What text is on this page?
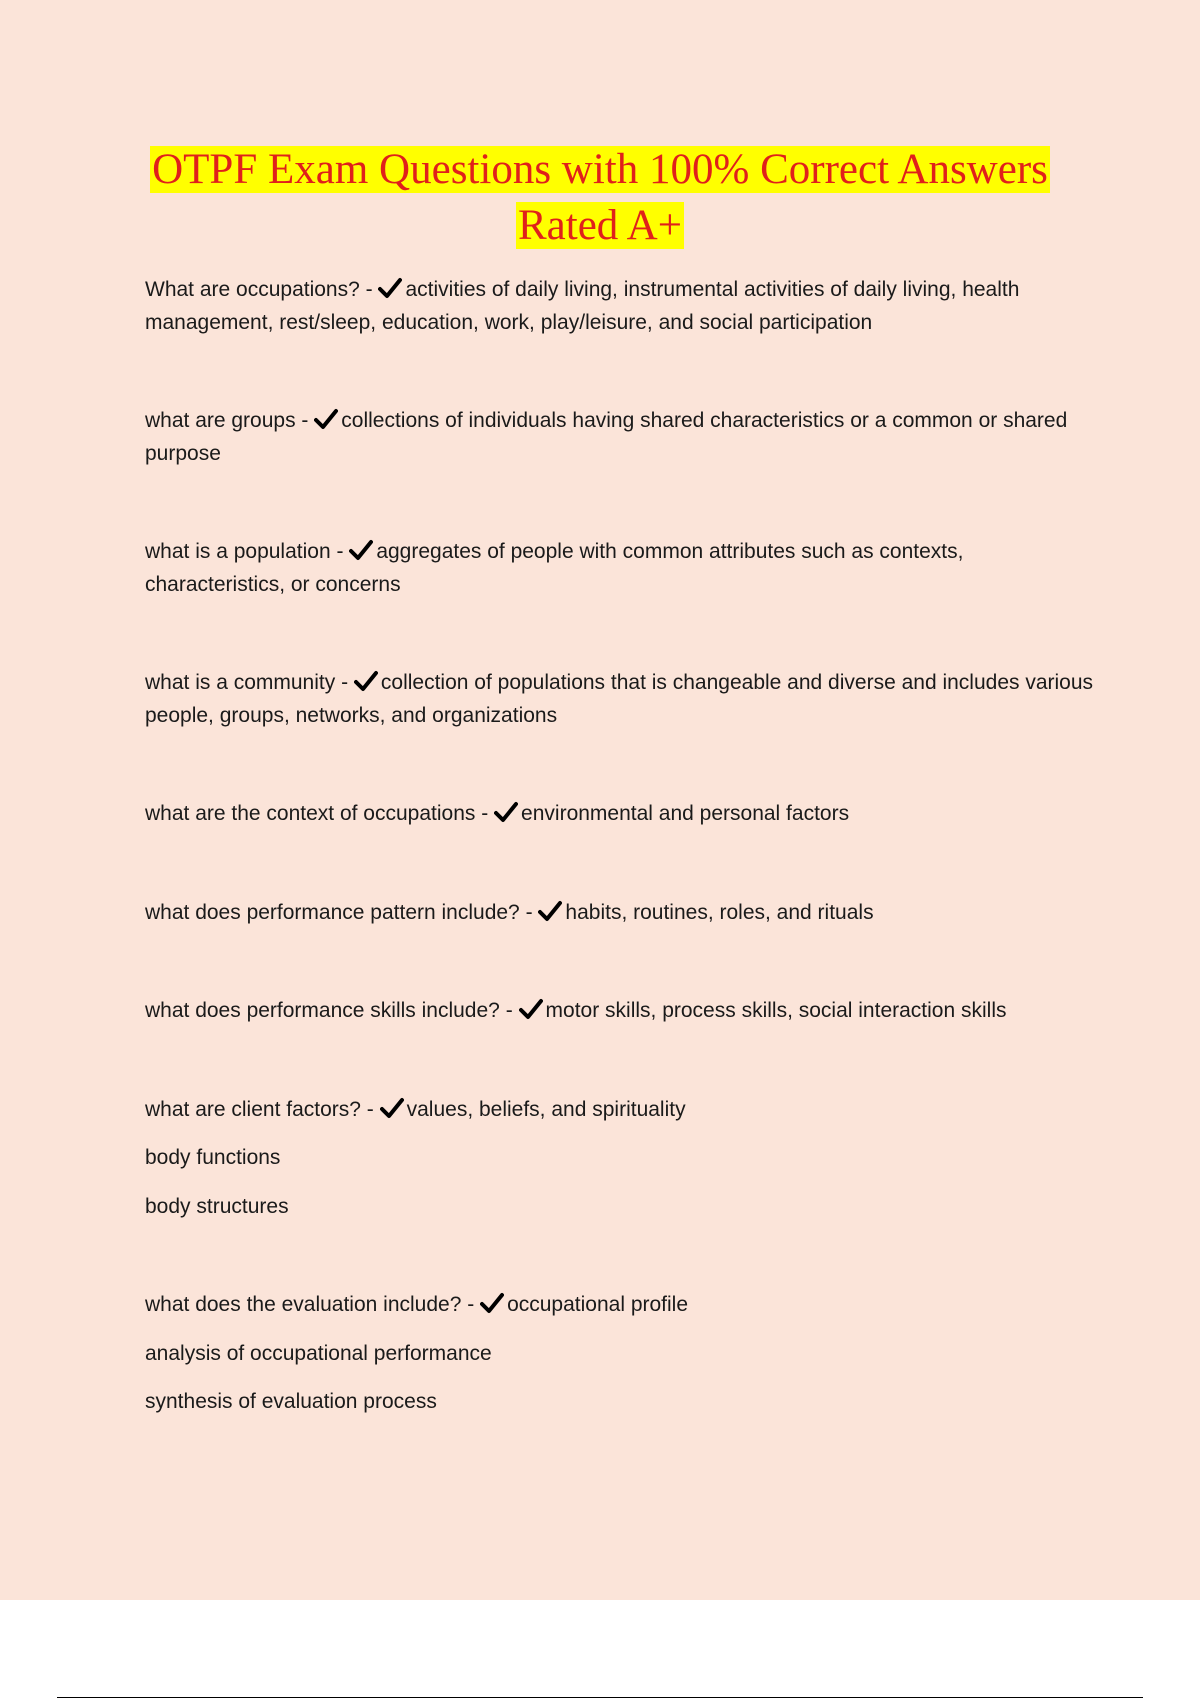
OTPF Exam Questions with 100% Correct Answers
Rated A+

What are occupations? -
activities of daily living, instrumental activities of daily living, health management, rest/sleep, education, work, play/leisure, and social participation

what are groups -
collections of individuals having shared characteristics or a common or shared purpose

what is a population -
aggregates of people with common attributes such as contexts, characteristics, or concerns

what is a community -
collection of populations that is changeable and diverse and includes various people, groups, networks, and organizations

what are the context of occupations -
environmental and personal factors

what does performance pattern include? -
habits, routines, roles, and rituals

what does performance skills include? -
motor skills, process skills, social interaction skills

what are client factors? -
values, beliefs, and spirituality

body functions

body structures

what does the evaluation include? -
occupational profile

analysis of occupational performance

synthesis of evaluation process
